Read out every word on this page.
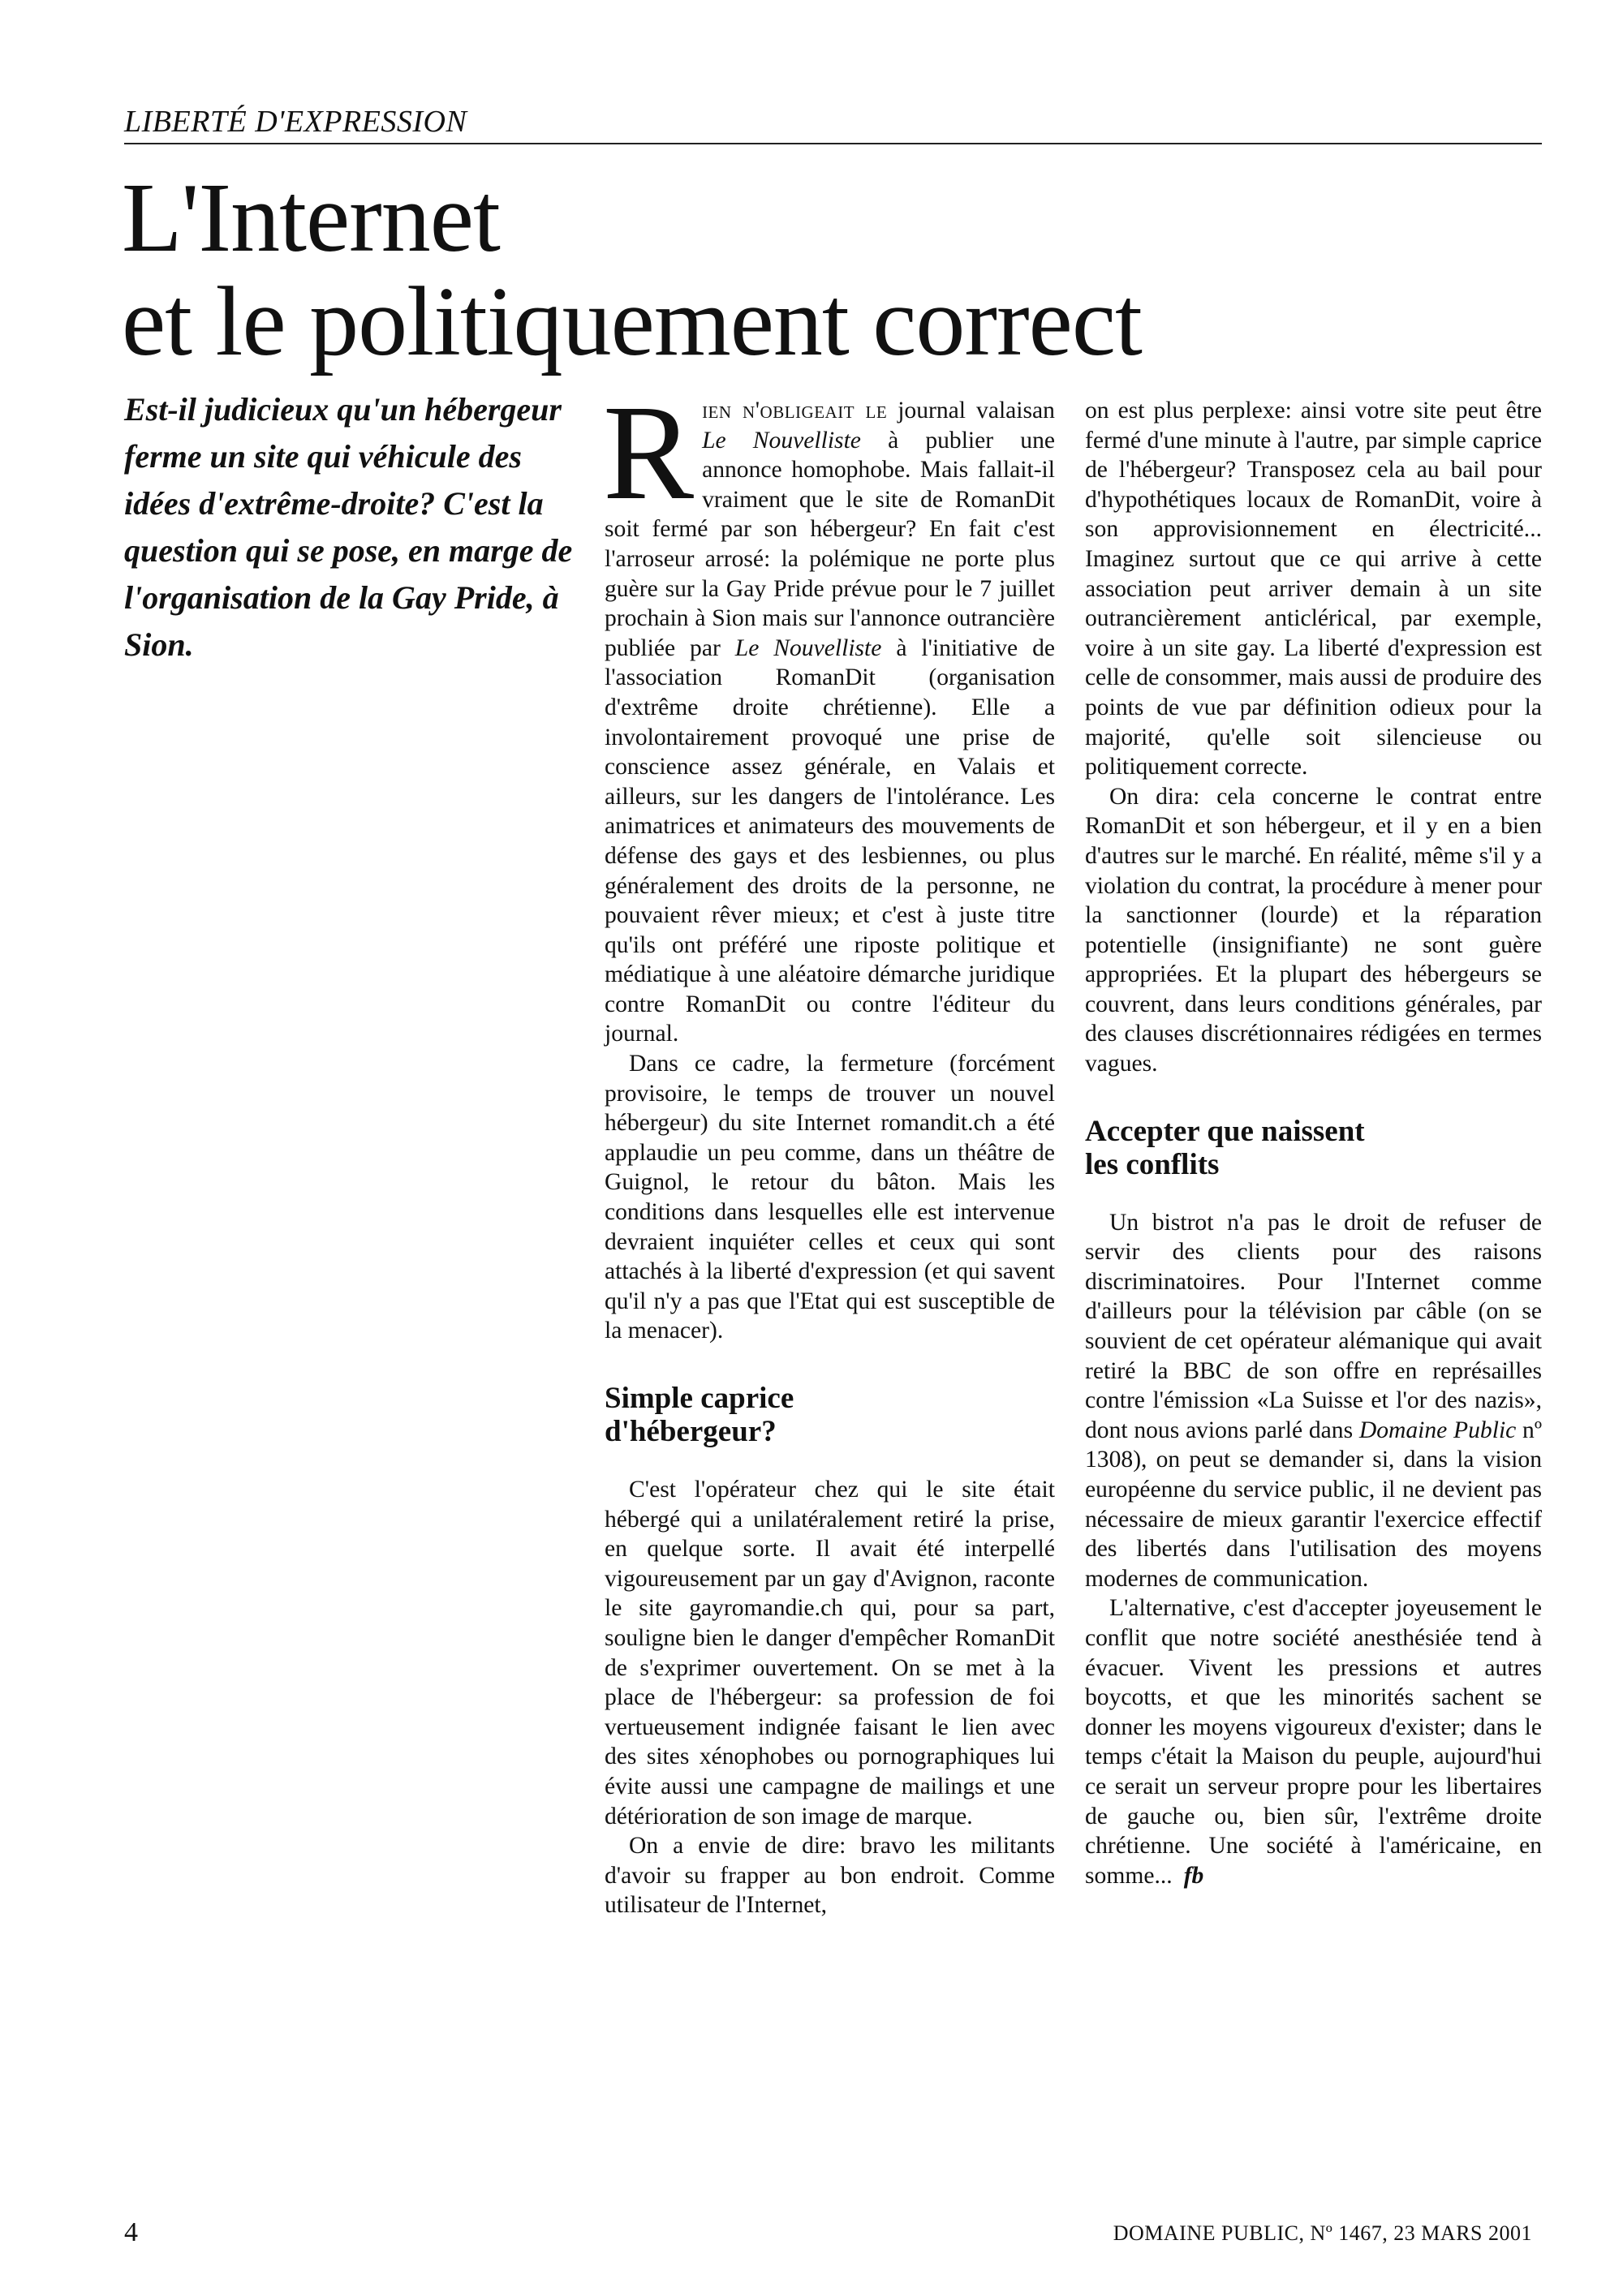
LIBERTÉ D'EXPRESSION
L'Internet
et le politiquement correct
Est-il judicieux qu'un hébergeur ferme un site qui véhicule des idées d'extrême-droite? C'est la question qui se pose, en marge de l'organisation de la Gay Pride, à Sion.

Rien n'obligeait le journal valaisan Le Nouvelliste à publier une annonce homophobe. Mais fallait-il vraiment que le site de RomanDit soit fermé par son hébergeur? En fait c'est l'arroseur arrosé: la polémique ne porte plus guère sur la Gay Pride prévue pour le 7 juillet prochain à Sion mais sur l'annonce outrancière publiée par Le Nouvelliste à l'initiative de l'association RomanDit (organisation d'extrême droite chrétienne). Elle a involontairement provoqué une prise de conscience assez générale, en Valais et ailleurs, sur les dangers de l'intolérance. Les animatrices et animateurs des mouvements de défense des gays et des lesbiennes, ou plus généralement des droits de la personne, ne pouvaient rêver mieux; et c'est à juste titre qu'ils ont préféré une riposte politique et médiatique à une aléatoire démarche juridique contre RomanDit ou contre l'éditeur du journal.

Dans ce cadre, la fermeture (forcément provisoire, le temps de trouver un nouvel hébergeur) du site Internet romandit.ch a été applaudie un peu comme, dans un théâtre de Guignol, le retour du bâton. Mais les conditions dans lesquelles elle est intervenue devraient inquiéter celles et ceux qui sont attachés à la liberté d'expression (et qui savent qu'il n'y a pas que l'Etat qui est susceptible de la menacer).

Simple caprice
d'hébergeur?

C'est l'opérateur chez qui le site était hébergé qui a unilatéralement retiré la prise, en quelque sorte. Il avait été interpellé vigoureusement par un gay d'Avignon, raconte le site gayromandie.ch qui, pour sa part, souligne bien le danger d'empêcher RomanDit de s'exprimer ouvertement. On se met à la place de l'hébergeur: sa profession de foi vertueusement indignée faisant le lien avec des sites xénophobes ou pornographiques lui évite aussi une campagne de mailings et une détérioration de son image de marque.

On a envie de dire: bravo les militants d'avoir su frapper au bon endroit. Comme utilisateur de l'Internet,

on est plus perplexe: ainsi votre site peut être fermé d'une minute à l'autre, par simple caprice de l'hébergeur? Transposez cela au bail pour d'hypothétiques locaux de RomanDit, voire à son approvisionnement en électricité... Imaginez surtout que ce qui arrive à cette association peut arriver demain à un site outrancièrement anticlérical, par exemple, voire à un site gay. La liberté d'expression est celle de consommer, mais aussi de produire des points de vue par définition odieux pour la majorité, qu'elle soit silencieuse ou politiquement correcte.

On dira: cela concerne le contrat entre RomanDit et son hébergeur, et il y en a bien d'autres sur le marché. En réalité, même s'il y a violation du contrat, la procédure à mener pour la sanctionner (lourde) et la réparation potentielle (insignifiante) ne sont guère appropriées. Et la plupart des hébergeurs se couvrent, dans leurs conditions générales, par des clauses discrétionnaires rédigées en termes vagues.

Accepter que naissent
les conflits

Un bistrot n'a pas le droit de refuser de servir des clients pour des raisons discriminatoires. Pour l'Internet comme d'ailleurs pour la télévision par câble (on se souvient de cet opérateur alémanique qui avait retiré la BBC de son offre en représailles contre l'émission «La Suisse et l'or des nazis», dont nous avions parlé dans Domaine Public nº 1308), on peut se demander si, dans la vision européenne du service public, il ne devient pas nécessaire de mieux garantir l'exercice effectif des libertés dans l'utilisation des moyens modernes de communication.

L'alternative, c'est d'accepter joyeusement le conflit que notre société anesthésiée tend à évacuer. Vivent les pressions et autres boycotts, et que les minorités sachent se donner les moyens vigoureux d'exister; dans le temps c'était la Maison du peuple, aujourd'hui ce serait un serveur propre pour les libertaires de gauche ou, bien sûr, l'extrême droite chrétienne. Une société à l'américaine, en somme... fb

4	DOMAINE PUBLIC, Nº 1467, 23 MARS 2001
